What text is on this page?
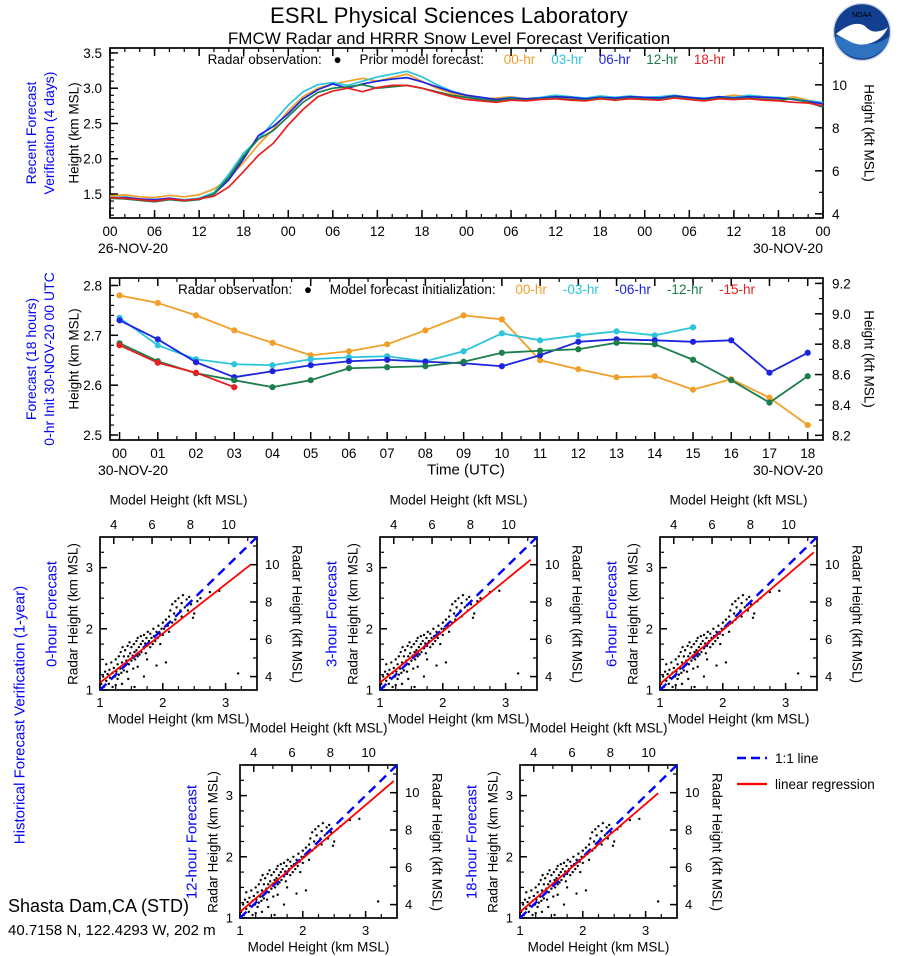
00 06 12 18 00 06 12 18 00 06 12 18 00 06 12 18 00
1.5
2.0
2.5
3.0
3.5
4
6
8
10
00 01 02 03 04 05 06 07 08 09 10 11 12 13 14 15 16 17 18
2.5
2.6
2.7
2.8
8.2
8.4
8.6
8.8
9.0
9.2
1
1
2
2
3
3
4
4
6
6
8
8
10
10
1
1
2
2
3
3
4
4
6
6
8
8
10
10
1
1
2
2
3
3
4
4
6
6
8
8
10
10
1
1
2
2
3
3
4
4
6
6
8
8
10
10
1
1
2
2
3
3
4
4
6
6
8
8
10
10
ESRL Physical Sciences Laboratory
FMCW Radar and HRRR Snow Level Forecast Verification
NOAA
Recent Forecast Verification (4 days) Height (km MSL)	Height (kft MSL)
26-NOV-20	30-NOV-20
Radar observation: ● Prior model forecast: 00-hr 03-hr 06-hr 12-hr 18-hr
Forecast (18 hours) 0-hr Init 30-NOV-20 00 UTC Height (km MSL)	Height (kft MSL)
30-NOV-20	30-NOV-20
Time (UTC)
Radar observation: ● Model forecast initialization: 00-hr -03-hr -06-hr -12-hr -15-hr
Historical Forecast Verification (1-year)	1:1 line
linear regression
Shasta Dam,CA (STD)
40.7158 N, 122.4293 W, 202 m
Model Height (kft MSL)
Model Height (km MSL)
Radar Height (km MSL)	Radar Height (kft MSL)
0-hour Forecast
Model Height (kft MSL)
Model Height (km MSL)
Radar Height (km MSL)	Radar Height (kft MSL)
3-hour Forecast
Model Height (kft MSL)
Model Height (km MSL)
Radar Height (km MSL)	Radar Height (kft MSL)
6-hour Forecast
Model Height (kft MSL)
Model Height (km MSL)
Radar Height (km MSL)	Radar Height (kft MSL)
12-hour Forecast
Model Height (kft MSL)
Model Height (km MSL)
Radar Height (km MSL)	Radar Height (kft MSL)
18-hour Forecast
